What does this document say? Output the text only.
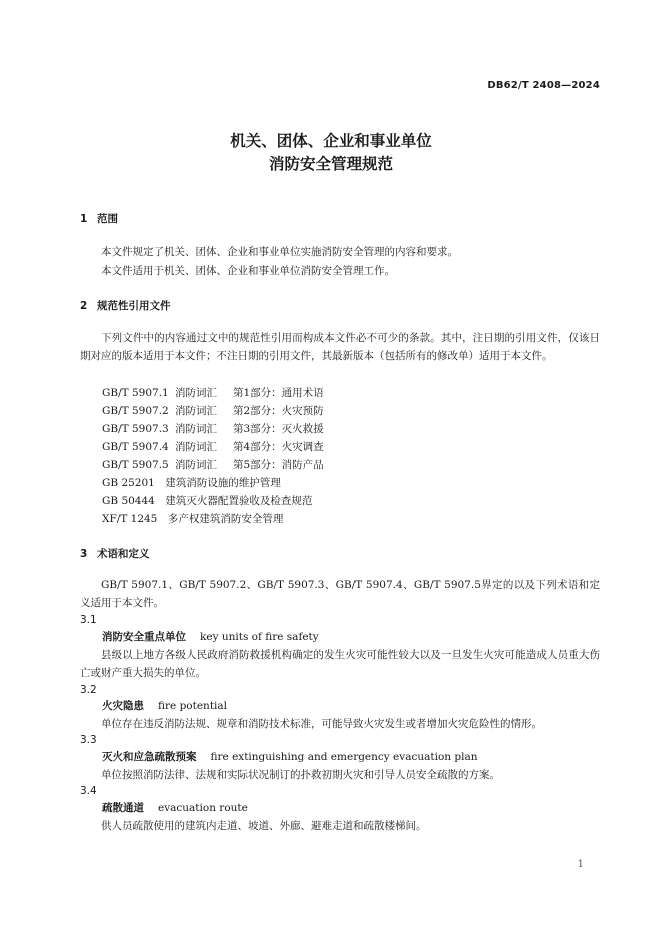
DB62/T 2408—2024
机关、团体、企业和事业单位
消防安全管理规范
1 范围
本文件规定了机关、团体、企业和事业单位实施消防安全管理的内容和要求。
本文件适用于机关、团体、企业和事业单位消防安全管理工作。
2 规范性引用文件
下列文件中的内容通过文中的规范性引用而构成本文件必不可少的条款。其中，注日期的引用文件，仅该日期对应的版本适用于本文件；不注日期的引用文件，其最新版本（包括所有的修改单）适用于本文件。
GB/T 5907.1 消防词汇 第1部分：通用术语
GB/T 5907.2 消防词汇 第2部分：火灾预防
GB/T 5907.3 消防词汇 第3部分：灭火救援
GB/T 5907.4 消防词汇 第4部分：火灾调查
GB/T 5907.5 消防词汇 第5部分：消防产品
GB 25201　建筑消防设施的维护管理
GB 50444　建筑灭火器配置验收及检查规范
XF/T 1245　多产权建筑消防安全管理
3 术语和定义
GB/T 5907.1、GB/T 5907.2、GB/T 5907.3、GB/T 5907.4、GB/T 5907.5界定的以及下列术语和定义适用于本文件。
3.1
消防安全重点单位 key units of fire safety
县级以上地方各级人民政府消防救援机构确定的发生火灾可能性较大以及一旦发生火灾可能造成人员重大伤亡或财产重大损失的单位。
3.2
火灾隐患 fire potential
单位存在违反消防法规、规章和消防技术标准，可能导致火灾发生或者增加火灾危险性的情形。
3.3
灭火和应急疏散预案 fire extinguishing and emergency evacuation plan
单位按照消防法律、法规和实际状况制订的扑救初期火灾和引导人员安全疏散的方案。
3.4
疏散通道 evacuation route
供人员疏散使用的建筑内走道、坡道、外廊、避难走道和疏散楼梯间。
1
